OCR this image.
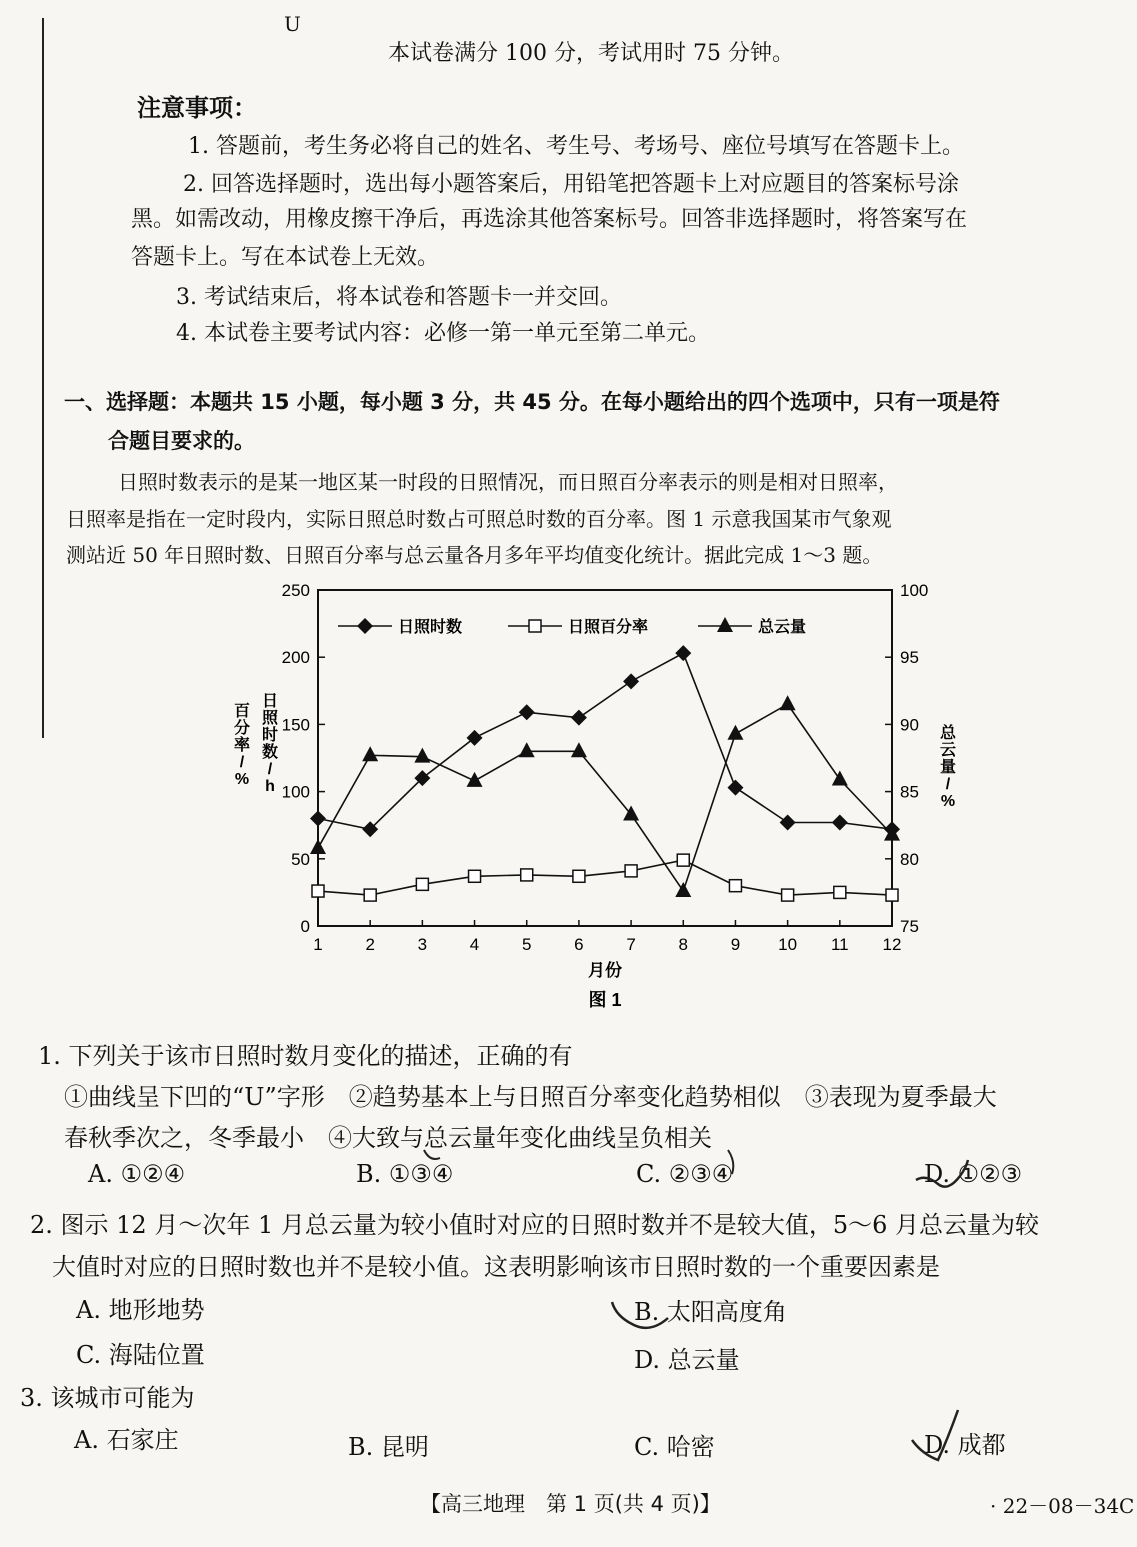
U
本试卷满分 100 分，考试用时 75 分钟。
注意事项：
1. 答题前，考生务必将自己的姓名、考生号、考场号、座位号填写在答题卡上。
2. 回答选择题时，选出每小题答案后，用铅笔把答题卡上对应题目的答案标号涂
黑。如需改动，用橡皮擦干净后，再选涂其他答案标号。回答非选择题时，将答案写在
答题卡上。写在本试卷上无效。
3. 考试结束后，将本试卷和答题卡一并交回。
4. 本试卷主要考试内容：必修一第一单元至第二单元。
一、选择题：本题共 15 小题，每小题 3 分，共 45 分。在每小题给出的四个选项中，只有一项是符
合题目要求的。
日照时数表示的是某一地区某一时段的日照情况，而日照百分率表示的则是相对日照率，
日照率是指在一定时段内，实际日照总时数占可照总时数的百分率。图 1 示意我国某市气象观
测站近 50 年日照时数、日照百分率与总云量各月多年平均值变化统计。据此完成 1～3 题。
0
50
100
150
200
250
75
80
85
90
95
100
1	2	3	4	5	6	7	8	9 10 11 12
月份
图 1
百分率/ %
日照时数/ h
总云量/ %
日照时数	日照百分率	总云量
1. 下列关于该市日照时数月变化的描述，正确的有
①曲线呈下凹的“U”字形　②趋势基本上与日照百分率变化趋势相似　③表现为夏季最大
春秋季次之，冬季最小　④大致与总云量年变化曲线呈负相关
A. ①②④	B. ①③④	C. ②③④	D. ①②③
2. 图示 12 月～次年 1 月总云量为较小值时对应的日照时数并不是较大值，5～6 月总云量为较
大值时对应的日照时数也并不是较小值。这表明影响该市日照时数的一个重要因素是
A. 地形地势	B. 太阳高度角
C. 海陆位置	D. 总云量
3. 该城市可能为
A. 石家庄	B. 昆明	C. 哈密	D. 成都
【高三地理　第 1 页(共 4 页)】	· 22－08－34C
